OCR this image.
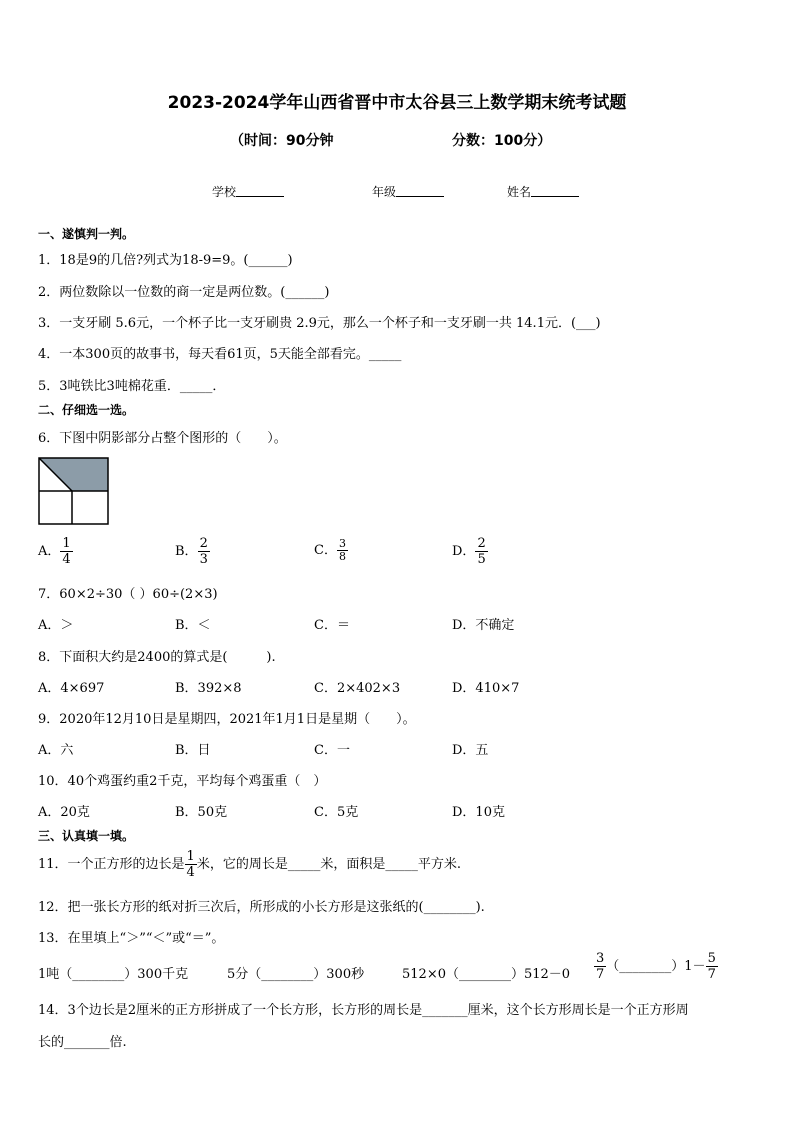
2023-2024学年山西省晋中市太谷县三上数学期末统考试题
（时间：90分钟	分数：100分）
学校	年级	姓名
一、遂慎判一判。
1．18是9的几倍?列式为18-9=9。(______)
2．两位数除以一位数的商一定是两位数。(______)
3．一支牙刷 5.6元，一个杯子比一支牙刷贵 2.9元，那么一个杯子和一支牙刷一共 14.1元．(___)
4．一本300页的故事书，每天看61页，5天能全部看完。_____
5．3吨铁比3吨棉花重．_____．
二、仔细选一选。
6．下图中阴影部分占整个图形的（　　）。
A． $\frac{1}{4}$	B． $\frac{2}{3}$	C． $\frac{3}{8}$	D． $\frac{2}{5}$
7．60×2÷30（ ）60÷(2×3)
A．＞	B．＜	C．＝	D．不确定
8．下面积大约是2400的算式是(　　　).
A．4×697	B．392×8	C．2×402×3	D．410×7
9．2020年12月10日是星期四，2021年1月1日是星期（　　）。
A．六	B．日	C．一	D．五
10．40个鸡蛋约重2千克，平均每个鸡蛋重（　）
A．20克	B．50克	C．5克	D．10克
三、认真填一填。
11．一个正方形的边长是 $\frac{1}{4}$ 米，它的周长是_____米，面积是_____平方米.
12．把一张长方形的纸对折三次后，所形成的小长方形是这张纸的(________).
13．在里填上“＞”“＜”或“＝”。
1吨（________）300千克	5分（________）300秒	512×0（________）512－0 $\frac{3}{7}$ （________）1－ $\frac{5}{7}$
14．3个边长是2厘米的正方形拼成了一个长方形，长方形的周长是_______厘米，这个长方形周长是一个正方形周
长的_______倍.
